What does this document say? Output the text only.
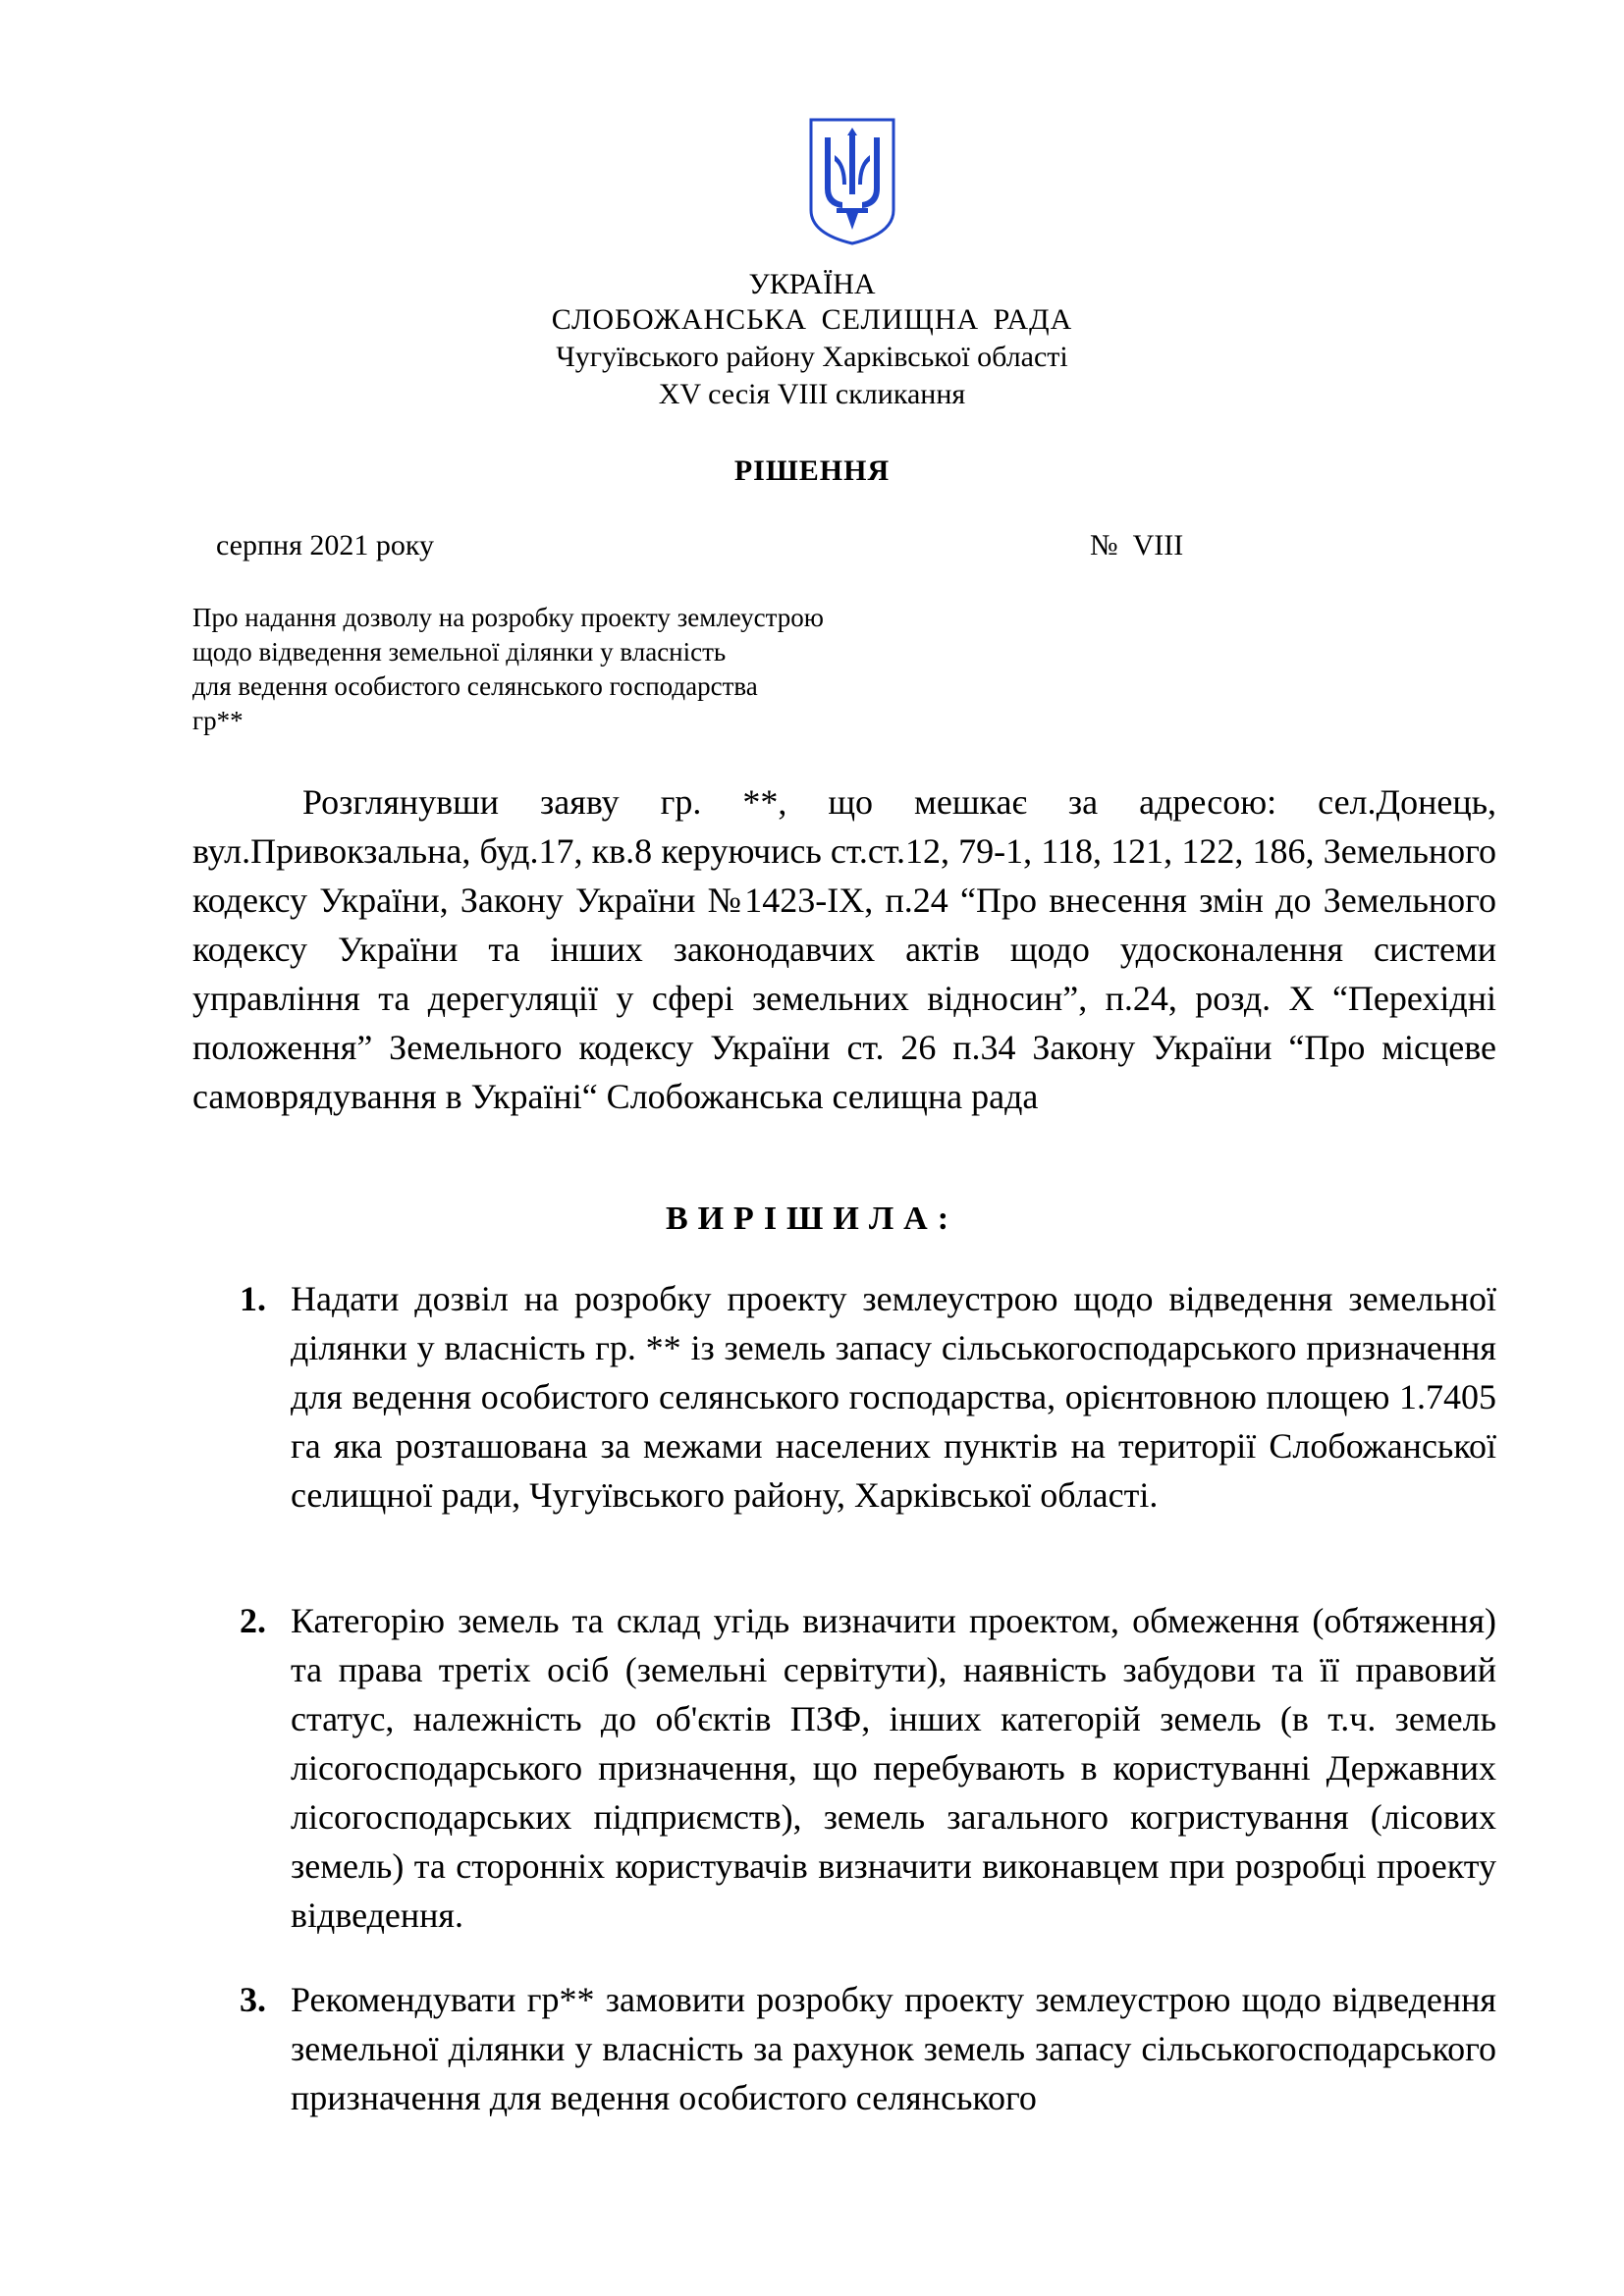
УКРАЇНА
СЛОБОЖАНСЬКА СЕЛИЩНА РАДА
Чугуївського району Харківської області
XV сесія VIII скликання
РІШЕННЯ
серпня 2021 року	№ VIII
Про надання дозволу на розробку проекту землеустрою
щодо відведення земельної ділянки у власність
для ведення особистого селянського господарства
гр**
Розглянувши заяву гр. **, що мешкає за адресою: сел.Донець, вул.Привокзальна, буд.17, кв.8 керуючись ст.ст.12, 79-1, 118, 121, 122, 186, Земельного кодексу України, Закону України №1423-IX, п.24 “Про внесення змін до Земельного кодексу України та інших законодавчих актів щодо удосконалення системи управління та дерегуляції у сфері земельних відносин”, п.24, розд. Х “Перехідні положення” Земельного кодексу України ст. 26 п.34 Закону України “Про місцеве самоврядування в Україні“ Слобожанська селищна рада
ВИРІШИЛА:
1. Надати дозвіл на розробку проекту землеустрою щодо відведення земельної ділянки у власність гр. ** із земель запасу сільськогосподарського призначення для ведення особистого селянського господарства, орієнтовною площею 1.7405 га яка розташована за межами населених пунктів на території Слобожанської селищної ради, Чугуївського району, Харківської області.
2. Категорію земель та склад угідь визначити проектом, обмеження (обтяження) та права третіх осіб (земельні сервітути), наявність забудови та її правовий статус, належність до об'єктів ПЗФ, інших категорій земель (в т.ч. земель лісогосподарського призначення, що перебувають в користуванні Державних лісогосподарських підприємств), земель загального когристування (лісових земель) та сторонніх користувачів визначити виконавцем при розробці проекту відведення.
3. Рекомендувати гр** замовити розробку проекту землеустрою щодо відведення земельної ділянки у власність за рахунок земель запасу сільськогосподарського призначення для ведення особистого селянського
